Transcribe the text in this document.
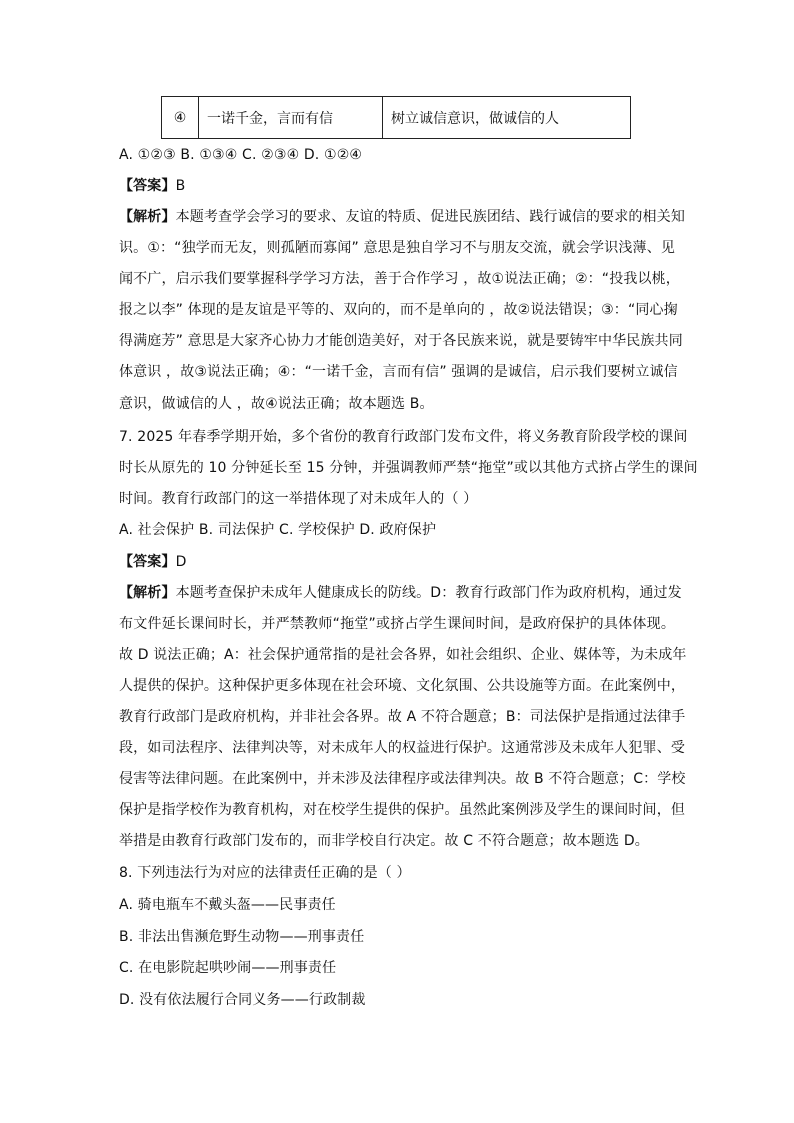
④	一诺千金，言而有信	树立诚信意识，做诚信的人
A. ①②③ B. ①③④ C. ②③④ D. ①②④
【答案】B
【解析】本题考查学会学习的要求、友谊的特质、促进民族团结、践行诚信的要求的相关知
识。①：“独学而无友，则孤陋而寡闻” 意思是独自学习不与朋友交流，就会学识浅薄、见
闻不广，启示我们要掌握科学学习方法，善于合作学习 ，故①说法正确；②：“投我以桃，
报之以李” 体现的是友谊是平等的、双向的，而不是单向的 ，故②说法错误；③：“同心掬
得满庭芳” 意思是大家齐心协力才能创造美好，对于各民族来说，就是要铸牢中华民族共同
体意识 ，故③说法正确；④：“一诺千金，言而有信” 强调的是诚信，启示我们要树立诚信
意识，做诚信的人 ，故④说法正确；故本题选 B。
7. 2025 年春季学期开始，多个省份的教育行政部门发布文件，将义务教育阶段学校的课间
时长从原先的 10 分钟延长至 15 分钟，并强调教师严禁“拖堂”或以其他方式挤占学生的课间
时间。教育行政部门的这一举措体现了对未成年人的（ ）
A. 社会保护 B. 司法保护 C. 学校保护 D. 政府保护
【答案】D
【解析】本题考查保护未成年人健康成长的防线。D：教育行政部门作为政府机构，通过发
布文件延长课间时长，并严禁教师“拖堂”或挤占学生课间时间，是政府保护的具体体现。
故 D 说法正确；A：社会保护通常指的是社会各界，如社会组织、企业、媒体等，为未成年
人提供的保护。这种保护更多体现在社会环境、文化氛围、公共设施等方面。在此案例中，
教育行政部门是政府机构，并非社会各界。故 A 不符合题意；B：司法保护是指通过法律手
段，如司法程序、法律判决等，对未成年人的权益进行保护。这通常涉及未成年人犯罪、受
侵害等法律问题。在此案例中，并未涉及法律程序或法律判决。故 B 不符合题意；C：学校
保护是指学校作为教育机构，对在校学生提供的保护。虽然此案例涉及学生的课间时间，但
举措是由教育行政部门发布的，而非学校自行决定。故 C 不符合题意；故本题选 D。
8. 下列违法行为对应的法律责任正确的是（ ）
A. 骑电瓶车不戴头盔——民事责任
B. 非法出售濒危野生动物——刑事责任
C. 在电影院起哄吵闹——刑事责任
D. 没有依法履行合同义务——行政制裁
